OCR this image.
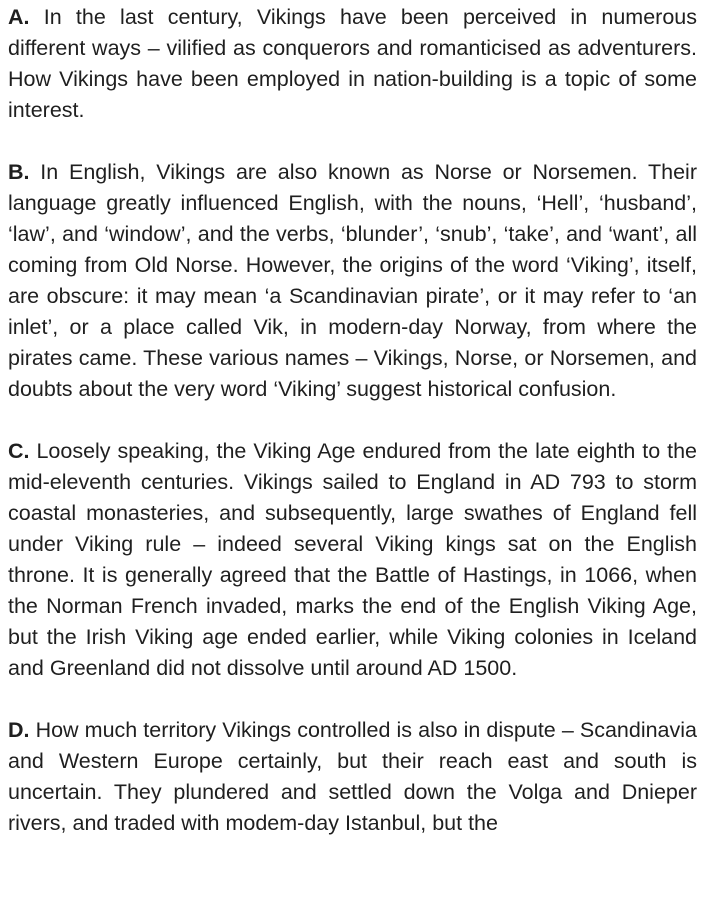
A. In the last century, Vikings have been perceived in numerous different ways – vilified as conquerors and romanticised as adventurers. How Vikings have been employed in nation-building is a topic of some interest.

B. In English, Vikings are also known as Norse or Norsemen. Their language greatly influenced English, with the nouns, ‘Hell’, ‘husband’, ‘law’, and ‘window’, and the verbs, ‘blunder’, ‘snub’, ‘take’, and ‘want’, all coming from Old Norse. However, the origins of the word ‘Viking’, itself, are obscure: it may mean ‘a Scandinavian pirate’, or it may refer to ‘an inlet’, or a place called Vik, in modern-day Norway, from where the pirates came. These various names – Vikings, Norse, or Norsemen, and doubts about the very word ‘Viking’ suggest historical confusion.

C. Loosely speaking, the Viking Age endured from the late eighth to the mid-eleventh centuries. Vikings sailed to England in AD 793 to storm coastal monasteries, and subsequently, large swathes of England fell under Viking rule – indeed several Viking kings sat on the English throne. It is generally agreed that the Battle of Hastings, in 1066, when the Norman French invaded, marks the end of the English Viking Age, but the Irish Viking age ended earlier, while Viking colonies in Iceland and Greenland did not dissolve until around AD 1500.

D. How much territory Vikings controlled is also in dispute – Scandinavia and Western Europe certainly, but their reach east and south is uncertain. They plundered and settled down the Volga and Dnieper rivers, and traded with modem-day Istanbul, but the
